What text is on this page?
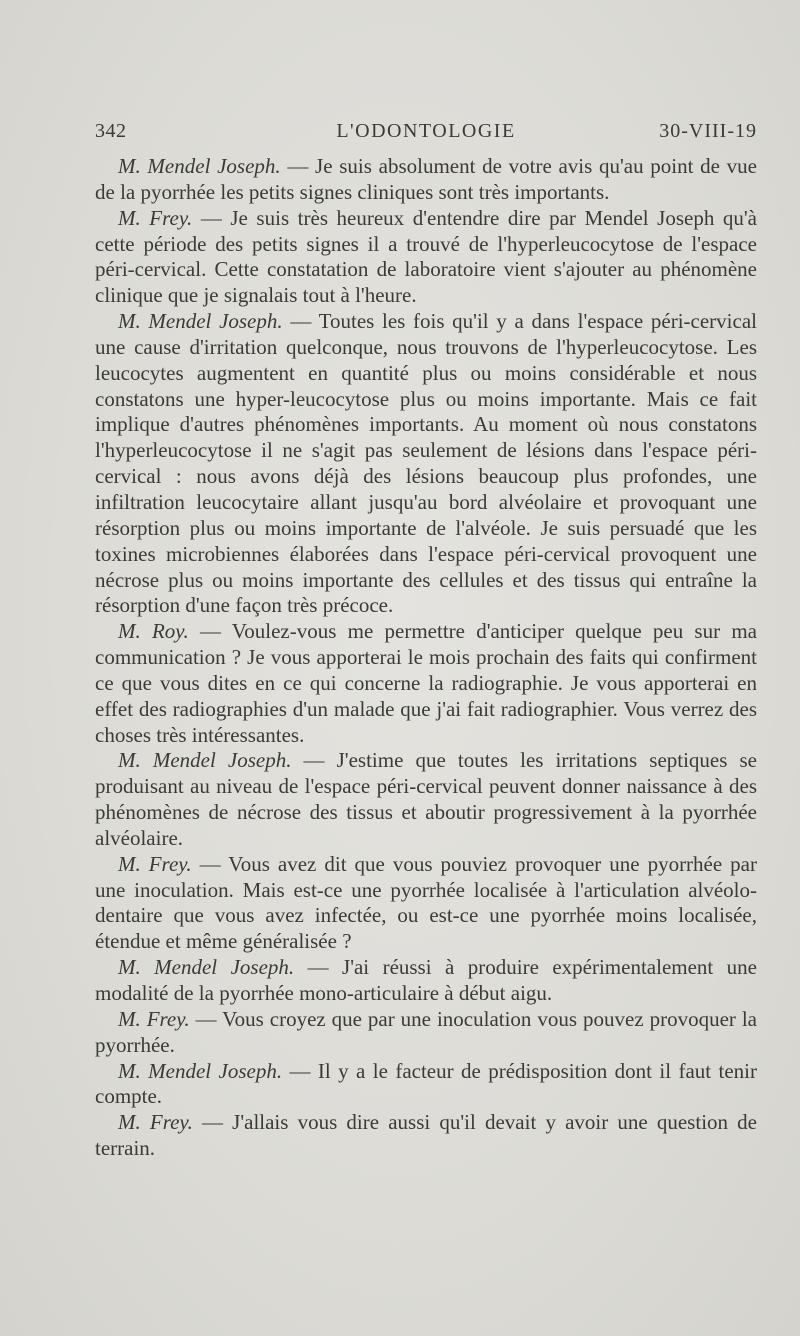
342	L'ODONTOLOGIE	30-VIII-19

M. Mendel Joseph. — Je suis absolument de votre avis qu'au point de vue de la pyorrhée les petits signes cliniques sont très importants.

M. Frey. — Je suis très heureux d'entendre dire par Mendel Joseph qu'à cette période des petits signes il a trouvé de l'hyperleucocytose de l'espace péri-cervical. Cette constatation de laboratoire vient s'ajouter au phénomène clinique que je signalais tout à l'heure.

M. Mendel Joseph. — Toutes les fois qu'il y a dans l'espace péri-cervical une cause d'irritation quelconque, nous trouvons de l'hyperleucocytose. Les leucocytes augmentent en quantité plus ou moins considérable et nous constatons une hyper-leucocytose plus ou moins importante. Mais ce fait implique d'autres phénomènes importants. Au moment où nous constatons l'hyperleucocytose il ne s'agit pas seulement de lésions dans l'espace péricervical : nous avons déjà des lésions beaucoup plus profondes, une infiltration leucocytaire allant jusqu'au bord alvéolaire et provoquant une résorption plus ou moins importante de l'alvéole. Je suis persuadé que les toxines microbiennes élaborées dans l'espace péri-cervical provoquent une nécrose plus ou moins importante des cellules et des tissus qui entraîne la résorption d'une façon très précoce.

M. Roy. — Voulez-vous me permettre d'anticiper quelque peu sur ma communication ? Je vous apporterai le mois prochain des faits qui confirment ce que vous dites en ce qui concerne la radiographie. Je vous apporterai en effet des radiographies d'un malade que j'ai fait radiographier. Vous verrez des choses très intéressantes.

M. Mendel Joseph. — J'estime que toutes les irritations septiques se produisant au niveau de l'espace péri-cervical peuvent donner naissance à des phénomènes de nécrose des tissus et aboutir progressivement à la pyorrhée alvéolaire.

M. Frey. — Vous avez dit que vous pouviez provoquer une pyorrhée par une inoculation. Mais est-ce une pyorrhée localisée à l'articulation alvéolo-dentaire que vous avez infectée, ou est-ce une pyorrhée moins localisée, étendue et même généralisée ?

M. Mendel Joseph. — J'ai réussi à produire expérimentalement une modalité de la pyorrhée mono-articulaire à début aigu.

M. Frey. — Vous croyez que par une inoculation vous pouvez provoquer la pyorrhée.

M. Mendel Joseph. — Il y a le facteur de prédisposition dont il faut tenir compte.

M. Frey. — J'allais vous dire aussi qu'il devait y avoir une question de terrain.
